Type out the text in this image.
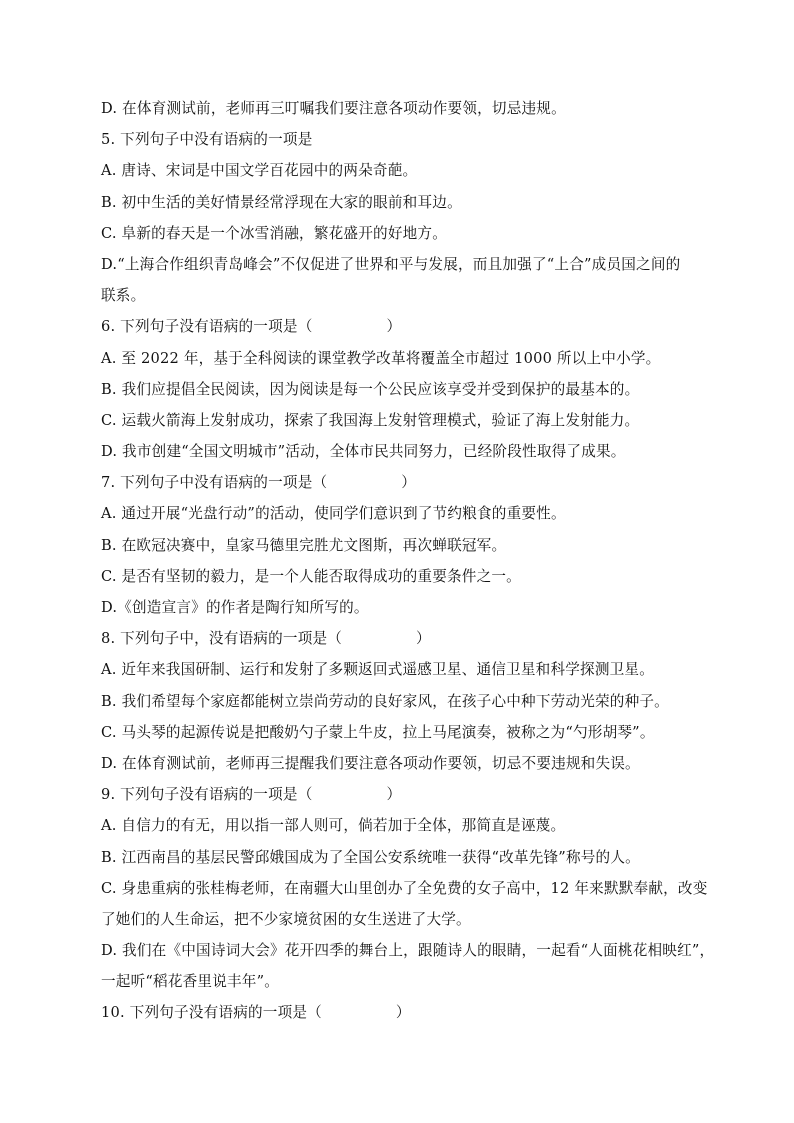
D. 在体育测试前，老师再三叮嘱我们要注意各项动作要领，切忌违规。
5. 下列句子中没有语病的一项是
A. 唐诗、宋词是中国文学百花园中的两朵奇葩。
B. 初中生活的美好情景经常浮现在大家的眼前和耳边。
C. 阜新的春天是一个冰雪消融，繁花盛开的好地方。
D.“上海合作组织青岛峰会”不仅促进了世界和平与发展，而且加强了“上合”成员国之间的
联系。
6. 下列句子没有语病的一项是（　　　　　）
A. 至 2022 年，基于全科阅读的课堂教学改革将覆盖全市超过 1000 所以上中小学。
B. 我们应提倡全民阅读，因为阅读是每一个公民应该享受并受到保护的最基本的。
C. 运载火箭海上发射成功，探索了我国海上发射管理模式，验证了海上发射能力。
D. 我市创建“全国文明城市”活动，全体市民共同努力，已经阶段性取得了成果。
7. 下列句子中没有语病的一项是（　　　　　）
A. 通过开展“光盘行动”的活动，使同学们意识到了节约粮食的重要性。
B. 在欧冠决赛中，皇家马德里完胜尤文图斯，再次蝉联冠军。
C. 是否有坚韧的毅力，是一个人能否取得成功的重要条件之一。
D.《创造宣言》的作者是陶行知所写的。
8. 下列句子中，没有语病的一项是（　　　　　）
A. 近年来我国研制、运行和发射了多颗返回式遥感卫星、通信卫星和科学探测卫星。
B. 我们希望每个家庭都能树立崇尚劳动的良好家风，在孩子心中种下劳动光荣的种子。
C. 马头琴的起源传说是把酸奶勺子蒙上牛皮，拉上马尾演奏，被称之为“勺形胡琴”。
D. 在体育测试前，老师再三提醒我们要注意各项动作要领，切忌不要违规和失误。
9. 下列句子没有语病的一项是（　　　　　）
A. 自信力的有无，用以指一部人则可，倘若加于全体，那简直是诬蔑。
B. 江西南昌的基层民警邱娥国成为了全国公安系统唯一获得“改革先锋”称号的人。
C. 身患重病的张桂梅老师，在南疆大山里创办了全免费的女子高中，12 年来默默奉献，改变
了她们的人生命运，把不少家境贫困的女生送进了大学。
D. 我们在《中国诗词大会》花开四季的舞台上，跟随诗人的眼睛，一起看“人面桃花相映红”，
一起听“稻花香里说丰年”。
10. 下列句子没有语病的一项是（　　　　　）
